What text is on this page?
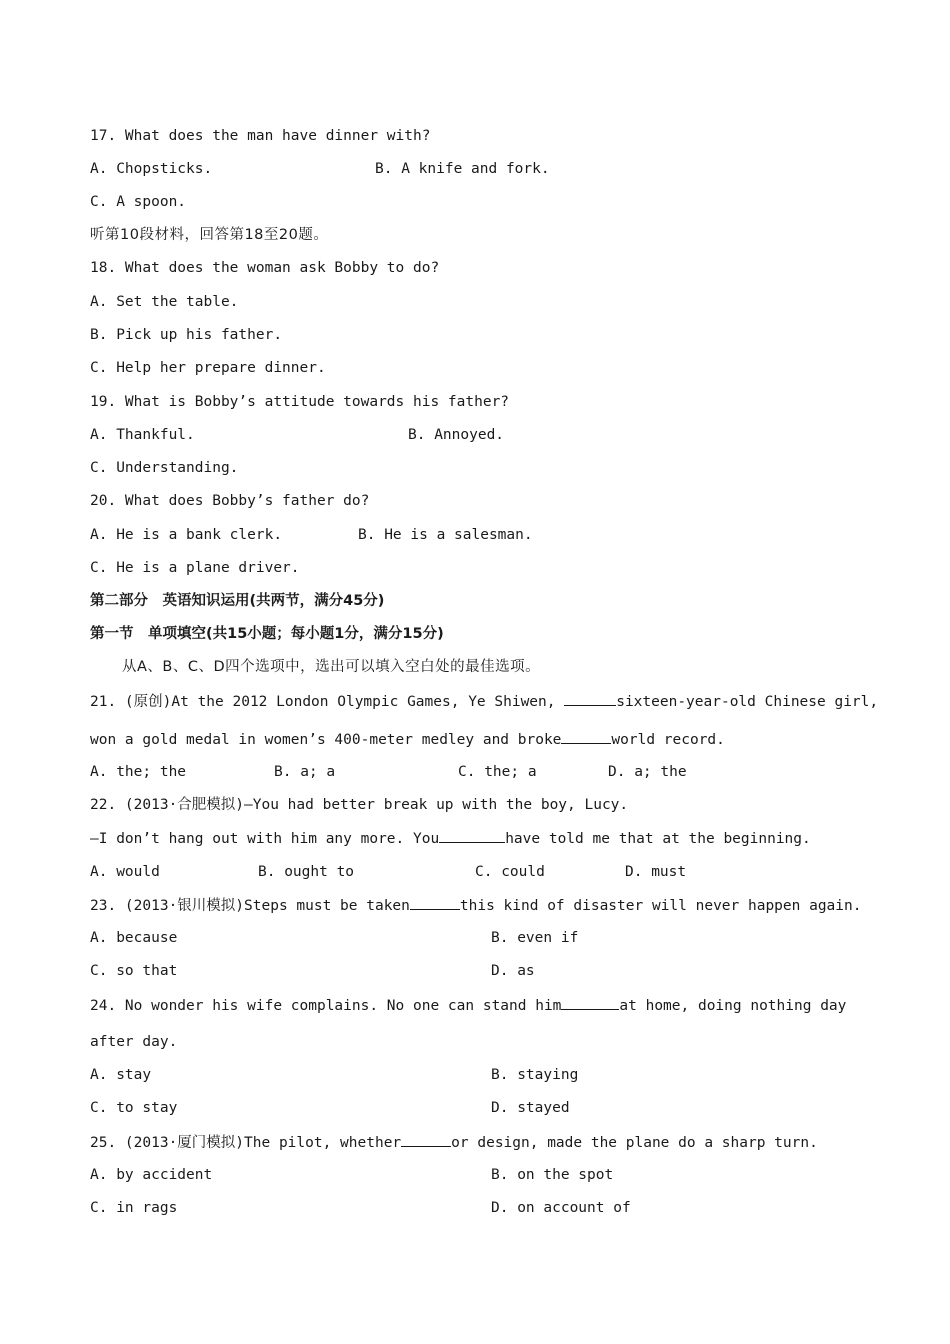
17. What does the man have dinner with?
A. Chopsticks.	B. A knife and fork.
C. A spoon.
听第10段材料，回答第18至20题。
18. What does the woman ask Bobby to do?
A. Set the table.
B. Pick up his father.
C. Help her prepare dinner.
19. What is Bobby’s attitude towards his father?
A. Thankful.	B. Annoyed.
C. Understanding.
20. What does Bobby’s father do?
A. He is a bank clerk.	B. He is a salesman.
C. He is a plane driver.
第二部分　英语知识运用(共两节，满分45分)
第一节　单项填空(共15小题；每小题1分，满分15分)
从A、B、C、D四个选项中，选出可以填入空白处的最佳选项。
21. (原创)At the 2012 London Olympic Games, Ye Shiwen,	sixteen-year-old Chinese girl,
won a gold medal in women’s 400-meter medley and broke	world record.
A. the; the	B. a; a	C. the; a	D. a; the
22. (2013·合肥模拟)—You had better break up with the boy, Lucy.
—I don’t hang out with him any more. You	have told me that at the beginning.
A. would	B. ought to	C. could	D. must
23. (2013·银川模拟)Steps must be taken	this kind of disaster will never happen again.
A. because	B. even if
C. so that	D. as
24. No wonder his wife complains. No one can stand him	at home, doing nothing day
after day.
A. stay	B. staying
C. to stay	D. stayed
25. (2013·厦门模拟)The pilot, whether	or design, made the plane do a sharp turn.
A. by accident	B. on the spot
C. in rags	D. on account of
